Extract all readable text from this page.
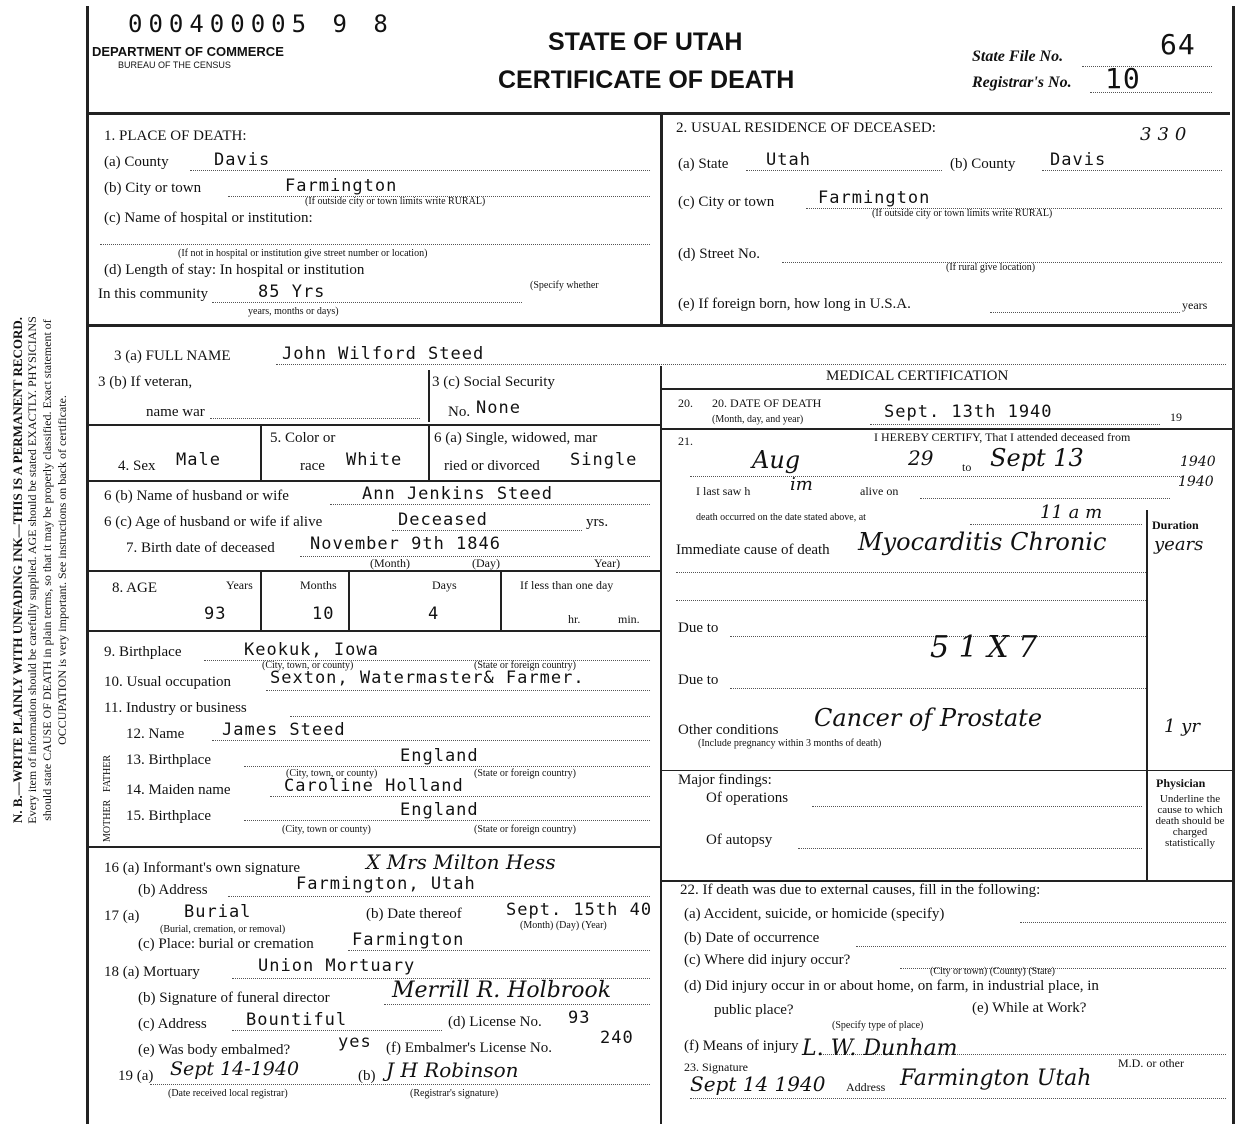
N. B.—WRITE PLAINLY WITH UNFADING INK—THIS IS A PERMANENT RECORD. Every item of information should be carefully supplied. AGE should be stated EXACTLY. PHYSICIANS should state CAUSE OF DEATH in plain terms, so that it may be properly classified. Exact statement of OCCUPATION is very important. See instructions on back of certificate.
000400005 9 8
DEPARTMENT OF COMMERCE
BUREAU OF THE CENSUS
STATE OF UTAH
CERTIFICATE OF DEATH
State File No.	64
Registrar's No. 10
1. PLACE OF DEATH:
(a) County	Davis
(b) City or town	Farmington
(If outside city or town limits write RURAL)
(c) Name of hospital or institution:
(If not in hospital or institution give street number or location)
(d) Length of stay: In hospital or institution
In this community	85 Yrs	(Specify whether
years, months or days)
2. USUAL RESIDENCE OF DECEASED:	330
(a) State Utah	(b) County Davis
(c) City or town	Farmington
(If outside city or town limits write RURAL)
(d) Street No.
(If rural give location)
(e) If foreign born, how long in U.S.A.	years
3 (a) FULL NAME	John Wilford Steed
3 (b) If veteran,
name war
3 (c) Social Security
No. None
4. Sex Male
5. Color or
race White
6 (a) Single, widowed, mar
ried or divorced Single
6 (b) Name of husband or wife	Ann Jenkins Steed
6 (c) Age of husband or wife if alive	Deceased	yrs.
7. Birth date of deceased November 9th 1846
(Month)	(Day)	Year)
8. AGE	Years	Months	Days	If less than one day
93	10	4	hr.	min.
9. Birthplace	Keokuk, Iowa
(City, town, or county)	(State or foreign country)
10. Usual occupation Sexton, Watermaster& Farmer.
11. Industry or business
FATHER
MOTHER
12. Name James Steed
13. Birthplace	England
(City, town, or county)	(State or foreign country)
14. Maiden name	Caroline Holland
15. Birthplace	England
(City, town or county)	(State or foreign country)
16 (a) Informant's own signature	X Mrs Milton Hess
(b) Address	Farmington, Utah
17 (a)	Burial
(Burial, cremation, or removal)
(b) Date thereof	Sept. 15th 40
(Month) (Day) (Year)
(c) Place: burial or cremation Farmington
18 (a) Mortuary	Union Mortuary
(b) Signature of funeral director	Merrill R. Holbrook
(c) Address Bountiful	(d) License No. 93
(e) Was body embalmed?	yes (f) Embalmer's License No.	240
19 (a) Sept 14-1940	(b) J H Robinson
(Date received local registrar)	(Registrar's signature)
MEDICAL CERTIFICATION
20. 20. DATE OF DEATH
(Month, day, and year)	Sept. 13th 1940	19
21.	I HEREBY CERTIFY, That I attended deceased from
Aug	29 to Sept 13	1940
I last saw h im	alive on
1940
death occurred on the date stated above, at	11 a m
Duration
Immediate cause of death Myocarditis Chronic	years
Due to
5 1 X 7
Due to
Other conditions Cancer of Prostate	1 yr
(Include pregnancy within 3 months of death)
Major findings:
Of operations
Of autopsy
Physician
Underline the cause to which death should be charged statistically
22. If death was due to external causes, fill in the following:
(a) Accident, suicide, or homicide (specify)
(b) Date of occurrence
(c) Where did injury occur?
(City or town) (County) (State)
(d) Did injury occur in or about home, on farm, in industrial place, in
public place?
(Specify type of place)
(e) While at Work?
(f) Means of injury
23. Signature
L. W. Dunham
M.D. or other
Sept 14 1940 Address Farmington Utah
